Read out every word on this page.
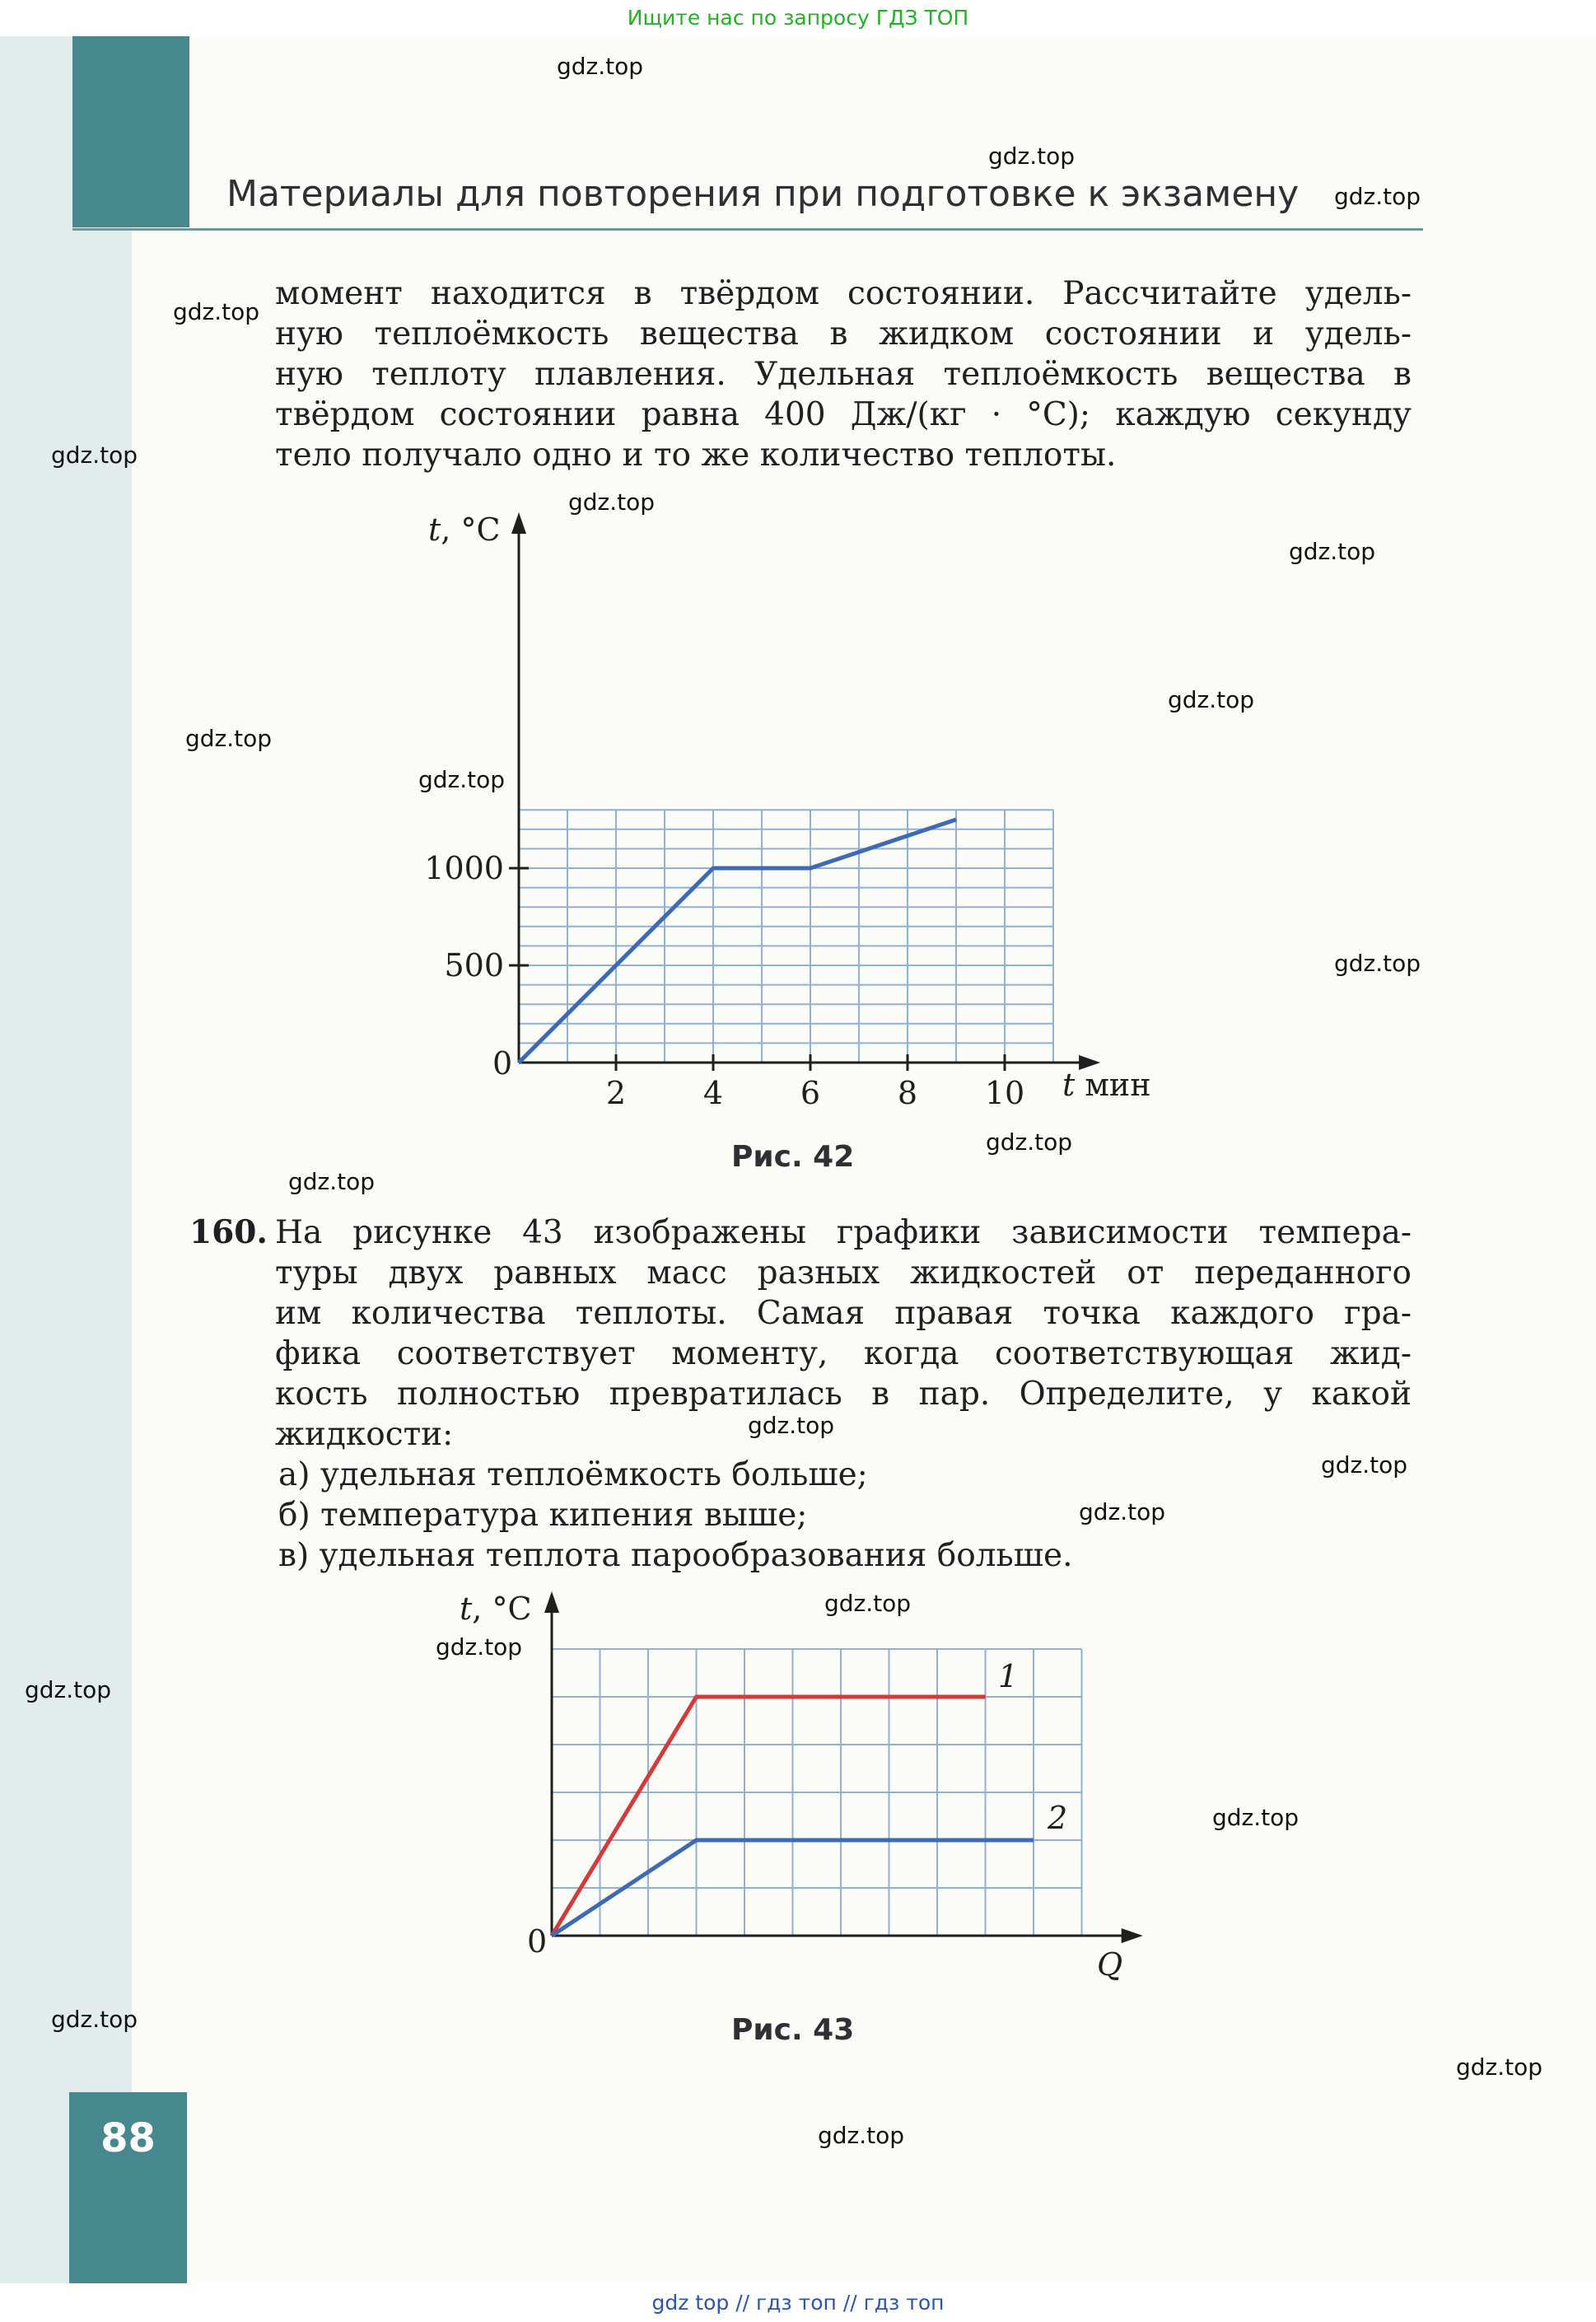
Ищите нас по запросу ГДЗ ТОП
Материалы для повторения при подготовке к экзамену
момент находится в твёрдом состоянии. Рассчитайте удель-
ную теплоёмкость вещества в жидком состоянии и удель-
ную теплоту плавления. Удельная теплоёмкость вещества в
твёрдом состоянии равна 400 Дж/(кг · °С); каждую секунду
тело получало одно и то же количество теплоты.
2 4 6 8 10
500
1000
t, °С
t мин
0
Рис. 42
160. На рисунке 43 изображены графики зависимости темпера-
туры двух равных масс разных жидкостей от переданного
им количества теплоты. Самая правая точка каждого гра-
фика соответствует моменту, когда соответствующая жид-
кость полностью превратилась в пар. Определите, у какой
жидкости:
а) удельная теплоёмкость больше;
б) температура кипения выше;
в) удельная теплота парообразования больше.
t, °С
Q
0
1
2
Рис. 43
88
gdz.top
gdz.top
gdz.top
gdz.top
gdz.top
gdz.top
gdz.top
gdz.top
gdz.top
gdz.top
gdz.top
gdz.top
gdz.top
gdz.top
gdz.top
gdz.top
gdz.top
gdz.top
gdz.top
gdz.top
gdz.top
gdz.top
gdz.top
gdz top // гдз топ // гдз топ
